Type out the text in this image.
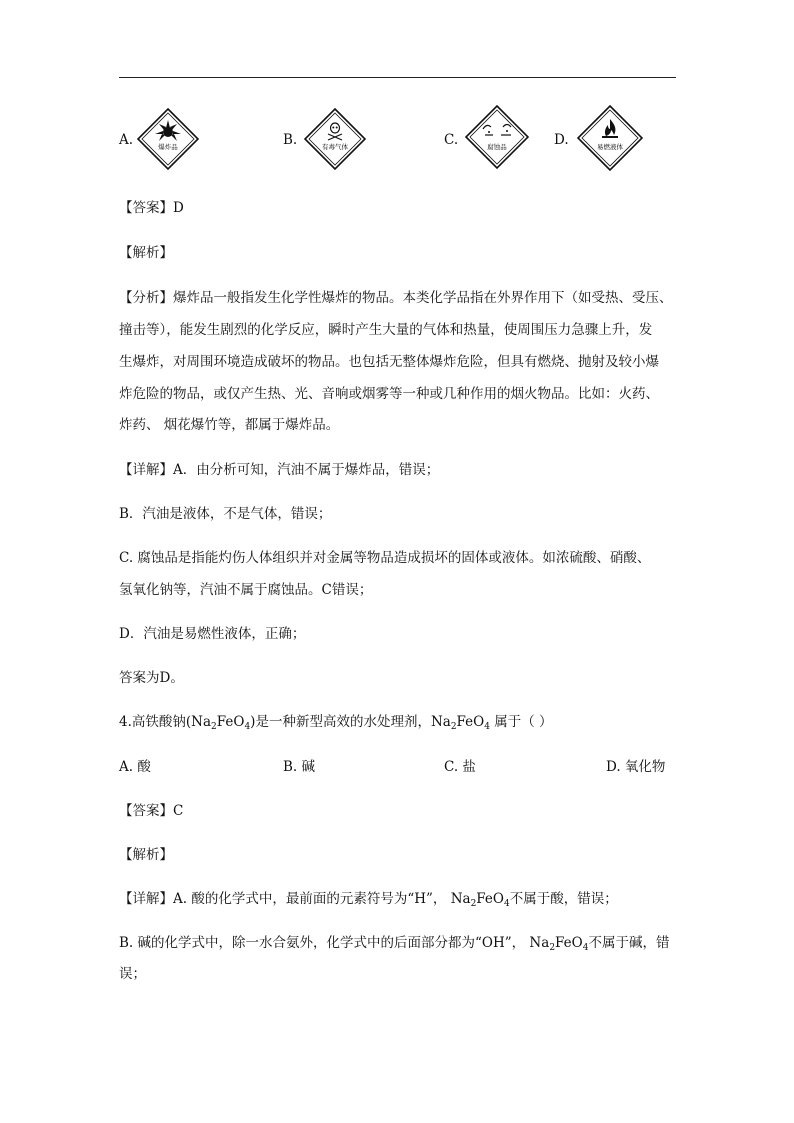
A.	爆炸品	B.	有毒气体	C.	腐蚀品	D.	易燃液体
【答案】D
【解析】
【分析】爆炸品一般指发生化学性爆炸的物品。本类化学品指在外界作用下（如受热、受压、
撞击等），能发生剧烈的化学反应，瞬时产生大量的气体和热量，使周围压力急骤上升，发
生爆炸，对周围环境造成破坏的物品。也包括无整体爆炸危险，但具有燃烧、抛射及较小爆
炸危险的物品，或仅产生热、光、音响或烟雾等一种或几种作用的烟火物品。比如：火药、
炸药、 烟花爆竹等，都属于爆炸品。
【详解】A．由分析可知，汽油不属于爆炸品，错误；
B．汽油是液体，不是气体，错误；
C. 腐蚀品是指能灼伤人体组织并对金属等物品造成损坏的固体或液体。如浓硫酸、硝酸、
氢氧化钠等，汽油不属于腐蚀品。C错误；
D．汽油是易燃性液体，正确；
答案为D。
4.高铁酸钠$(Na_2FeO_4)$是一种新型高效的水处理剂，$Na_2FeO_4$ 属于（ ）
A. 酸	B. 碱	C. 盐	D. 氧化物
【答案】C
【解析】
【详解】A. 酸的化学式中，最前面的元素符号为“H”， $Na_2FeO_4$不属于酸，错误；
B. 碱的化学式中，除一水合氨外，化学式中的后面部分都为“OH”， $Na_2FeO_4$不属于碱，错
误；
